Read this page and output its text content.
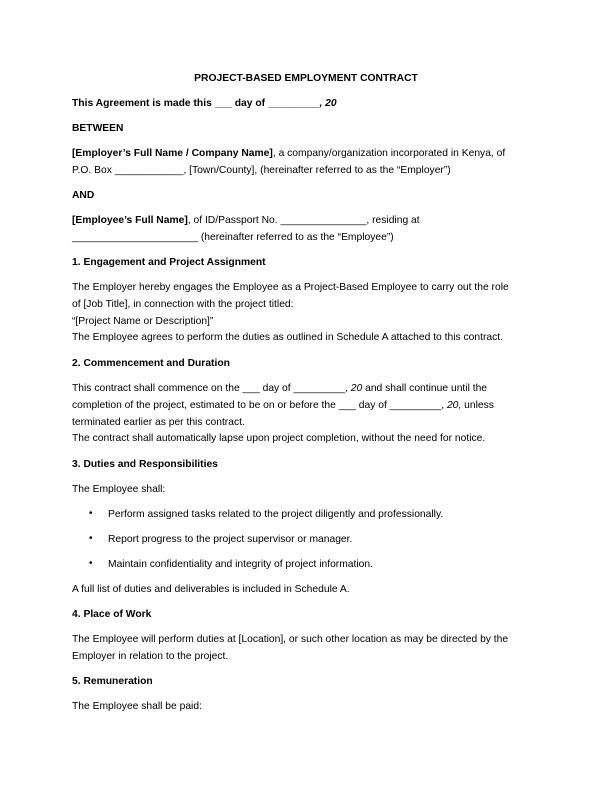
PROJECT-BASED EMPLOYMENT CONTRACT
This Agreement is made this ___ day of _________, 20
BETWEEN
[Employer’s Full Name / Company Name], a company/organization incorporated in Kenya, of
P.O. Box ____________, [Town/County], (hereinafter referred to as the “Employer”)
AND
[Employee’s Full Name], of ID/Passport No. _______________, residing at
______________________ (hereinafter referred to as the “Employee”)
1. Engagement and Project Assignment
The Employer hereby engages the Employee as a Project-Based Employee to carry out the role
of [Job Title], in connection with the project titled:
“[Project Name or Description]”
The Employee agrees to perform the duties as outlined in Schedule A attached to this contract.
2. Commencement and Duration
This contract shall commence on the ___ day of _________, 20 and shall continue until the
completion of the project, estimated to be on or before the ___ day of _________, 20, unless
terminated earlier as per this contract.
The contract shall automatically lapse upon project completion, without the need for notice.
3. Duties and Responsibilities
The Employee shall:
• Perform assigned tasks related to the project diligently and professionally.
• Report progress to the project supervisor or manager.
• Maintain confidentiality and integrity of project information.
A full list of duties and deliverables is included in Schedule A.
4. Place of Work
The Employee will perform duties at [Location], or such other location as may be directed by the
Employer in relation to the project.
5. Remuneration
The Employee shall be paid:
